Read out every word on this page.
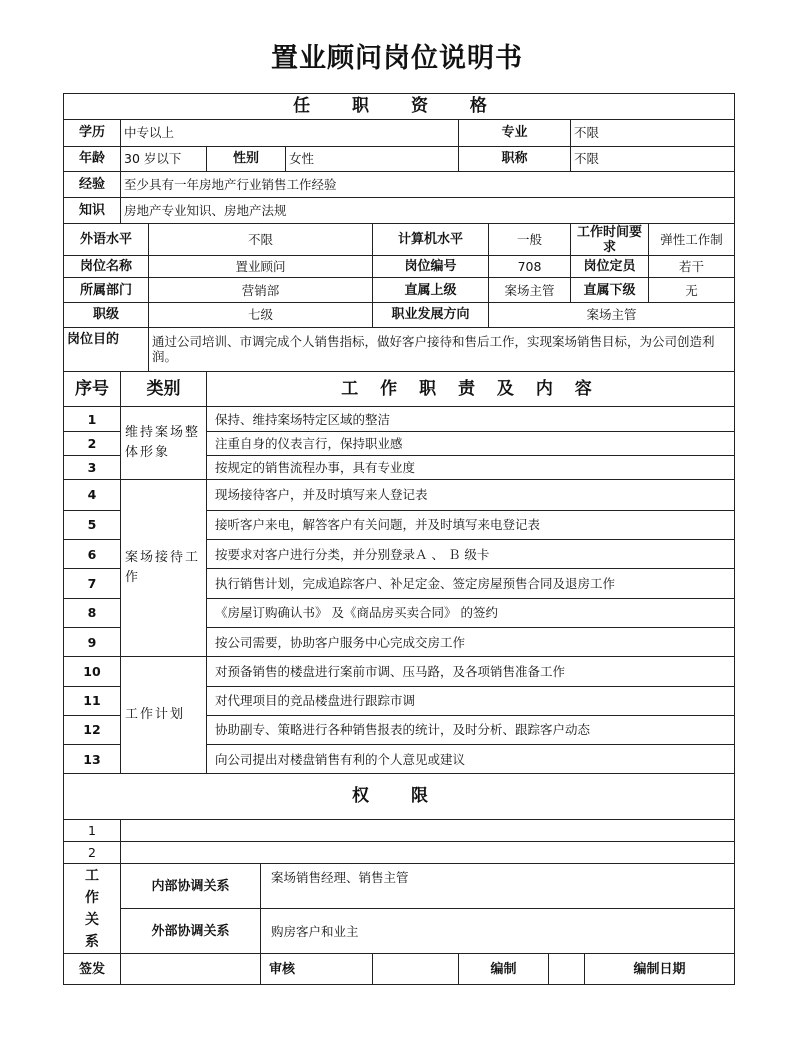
置业顾问岗位说明书
任 职 资 格												
学历	中专以上						专业			不限		
年龄	30 岁以下		性别		女性		职称			不限		
经验	至少具有一年房地产行业销售工作经验											
知识	房地产专业知识、房地产法规											
外语水平		不限				计算机水平		一般		工作时间要求		弹性工作制
岗位名称		置业顾问				岗位编号		708		岗位定员		若干
所属部门		营销部				直属上级		案场主管		直属下级		无
职级		七级				职业发展方向		案场主管				
岗位目的		通过公司培训、市调完成个人销售指标，做好客户接待和售后工作，实现案场销售目标，为公司创造利润。										
序号	类别		工 作 职 责 及 内 容									
1	维持案场整体形象		保持、维持案场特定区域的整洁									
2			注重自身的仪表言行，保持职业感									
3			按规定的销售流程办事，具有专业度									
4	案场接待工作		现场接待客户，并及时填写来人登记表									
5			接听客户来电，解答客户有关问题，并及时填写来电登记表									
6			按要求对客户进行分类，并分别登录Ａ 、 Ｂ 级卡									
7			执行销售计划，完成追踪客户、补足定金、签定房屋预售合同及退房工作									
8			《房屋订购确认书》 及《商品房买卖合同》 的签约									
9			按公司需要，协助客户服务中心完成交房工作									
10	工作计划		对预备销售的楼盘进行案前市调、压马路，及各项销售准备工作									
11			对代理项目的竞品楼盘进行跟踪市调									
12			协助副专、策略进行各种销售报表的统计，及时分析、跟踪客户动态									
13			向公司提出对楼盘销售有利的个人意见或建议									
权 限												
1												
2												

工作关系	内部协调关系			案场销售经理、销售主管								
	外部协调关系			购房客户和业主								
签发				审核			编制				编制日期	
